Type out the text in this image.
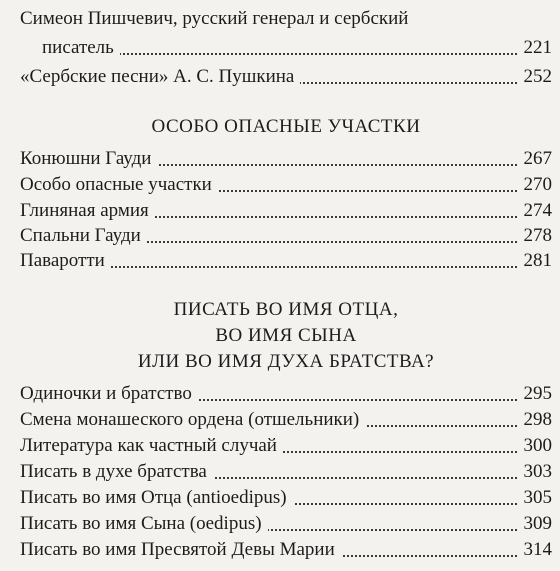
Симеон Пишчевич, русский генерал и сербский
писатель	221
«Сербские песни» А. С. Пушкина	252
ОСОБО ОПАСНЫЕ УЧАСТКИ
Конюшни Гауди	267
Особо опасные участки	270
Глиняная армия	274
Спальни Гауди	278
Паваротти	281
ПИСАТЬ ВО ИМЯ ОТЦА,
ВО ИМЯ СЫНА
ИЛИ ВО ИМЯ ДУХА БРАТСТВА?
Одиночки и братство	295
Смена монашеского ордена (отшельники)	298
Литература как частный случай	300
Писать в духе братства	303
Писать во имя Отца (antioedipus)	305
Писать во имя Сына (oedipus)	309
Писать во имя Пресвятой Девы Марии	314
